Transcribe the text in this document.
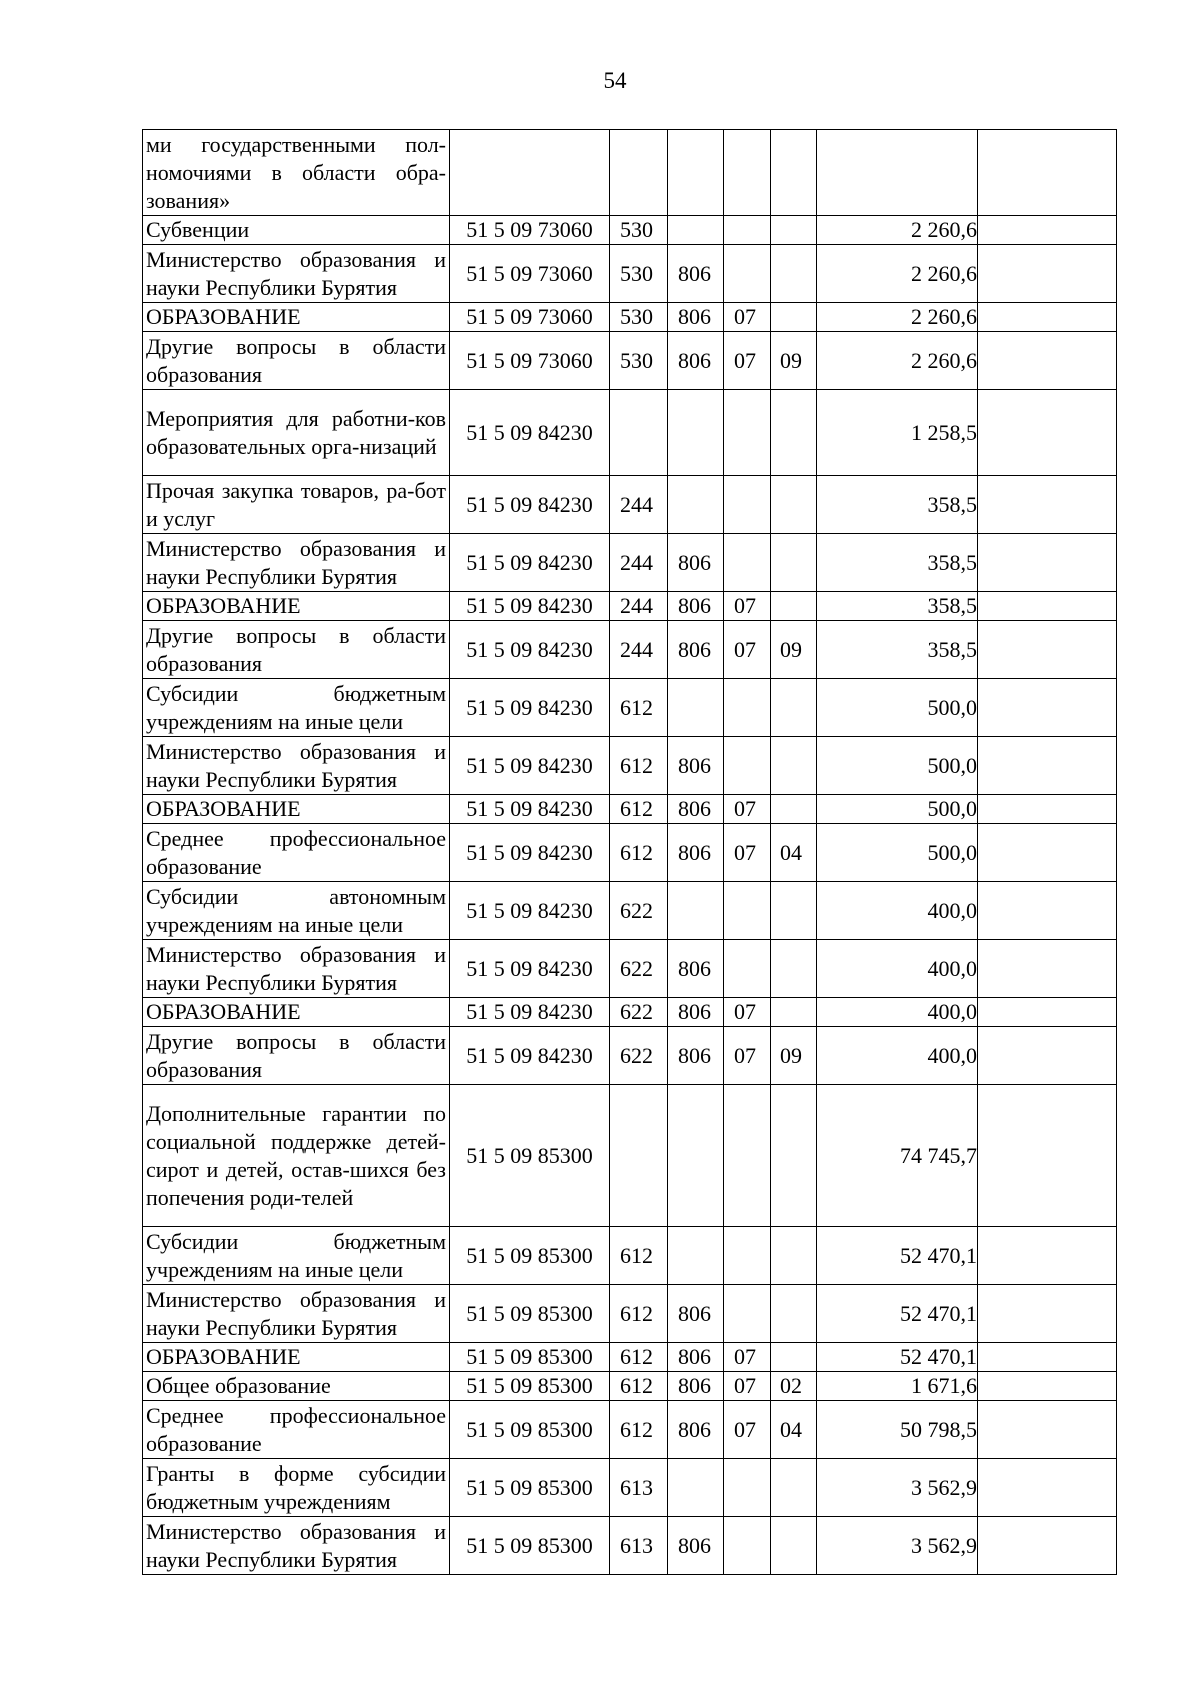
54
ми государственными пол-номочиями в области обра-зования»							
Субвенции	51 5 09 73060	530				2 260,6	
Министерство образования и науки Республики Бурятия	51 5 09 73060	530	806			2 260,6	
ОБРАЗОВАНИЕ	51 5 09 73060	530	806	07		2 260,6	
Другие вопросы в области образования	51 5 09 73060	530	806	07	09	2 260,6	
Мероприятия для работни-ков образовательных орга-низаций	51 5 09 84230					1 258,5	
Прочая закупка товаров, ра-бот и услуг	51 5 09 84230	244				358,5	
Министерство образования и науки Республики Бурятия	51 5 09 84230	244	806			358,5	
ОБРАЗОВАНИЕ	51 5 09 84230	244	806	07		358,5	
Другие вопросы в области образования	51 5 09 84230	244	806	07	09	358,5	
Субсидии бюджетным учреждениям на иные цели	51 5 09 84230	612				500,0	
Министерство образования и науки Республики Бурятия	51 5 09 84230	612	806			500,0	
ОБРАЗОВАНИЕ	51 5 09 84230	612	806	07		500,0	
Среднее профессиональное образование	51 5 09 84230	612	806	07	04	500,0	
Субсидии автономным учреждениям на иные цели	51 5 09 84230	622				400,0	
Министерство образования и науки Республики Бурятия	51 5 09 84230	622	806			400,0	
ОБРАЗОВАНИЕ	51 5 09 84230	622	806	07		400,0	
Другие вопросы в области образования	51 5 09 84230	622	806	07	09	400,0	
Дополнительные гарантии по социальной поддержке детей-сирот и детей, остав-шихся без попечения роди-телей	51 5 09 85300					74 745,7	
Субсидии бюджетным учреждениям на иные цели	51 5 09 85300	612				52 470,1	
Министерство образования и науки Республики Бурятия	51 5 09 85300	612	806			52 470,1	
ОБРАЗОВАНИЕ	51 5 09 85300	612	806	07		52 470,1	
Общее образование	51 5 09 85300	612	806	07	02	1 671,6	
Среднее профессиональное образование	51 5 09 85300	612	806	07	04	50 798,5	
Гранты в форме субсидии бюджетным учреждениям	51 5 09 85300	613				3 562,9	
Министерство образования и науки Республики Бурятия	51 5 09 85300	613	806			3 562,9	
